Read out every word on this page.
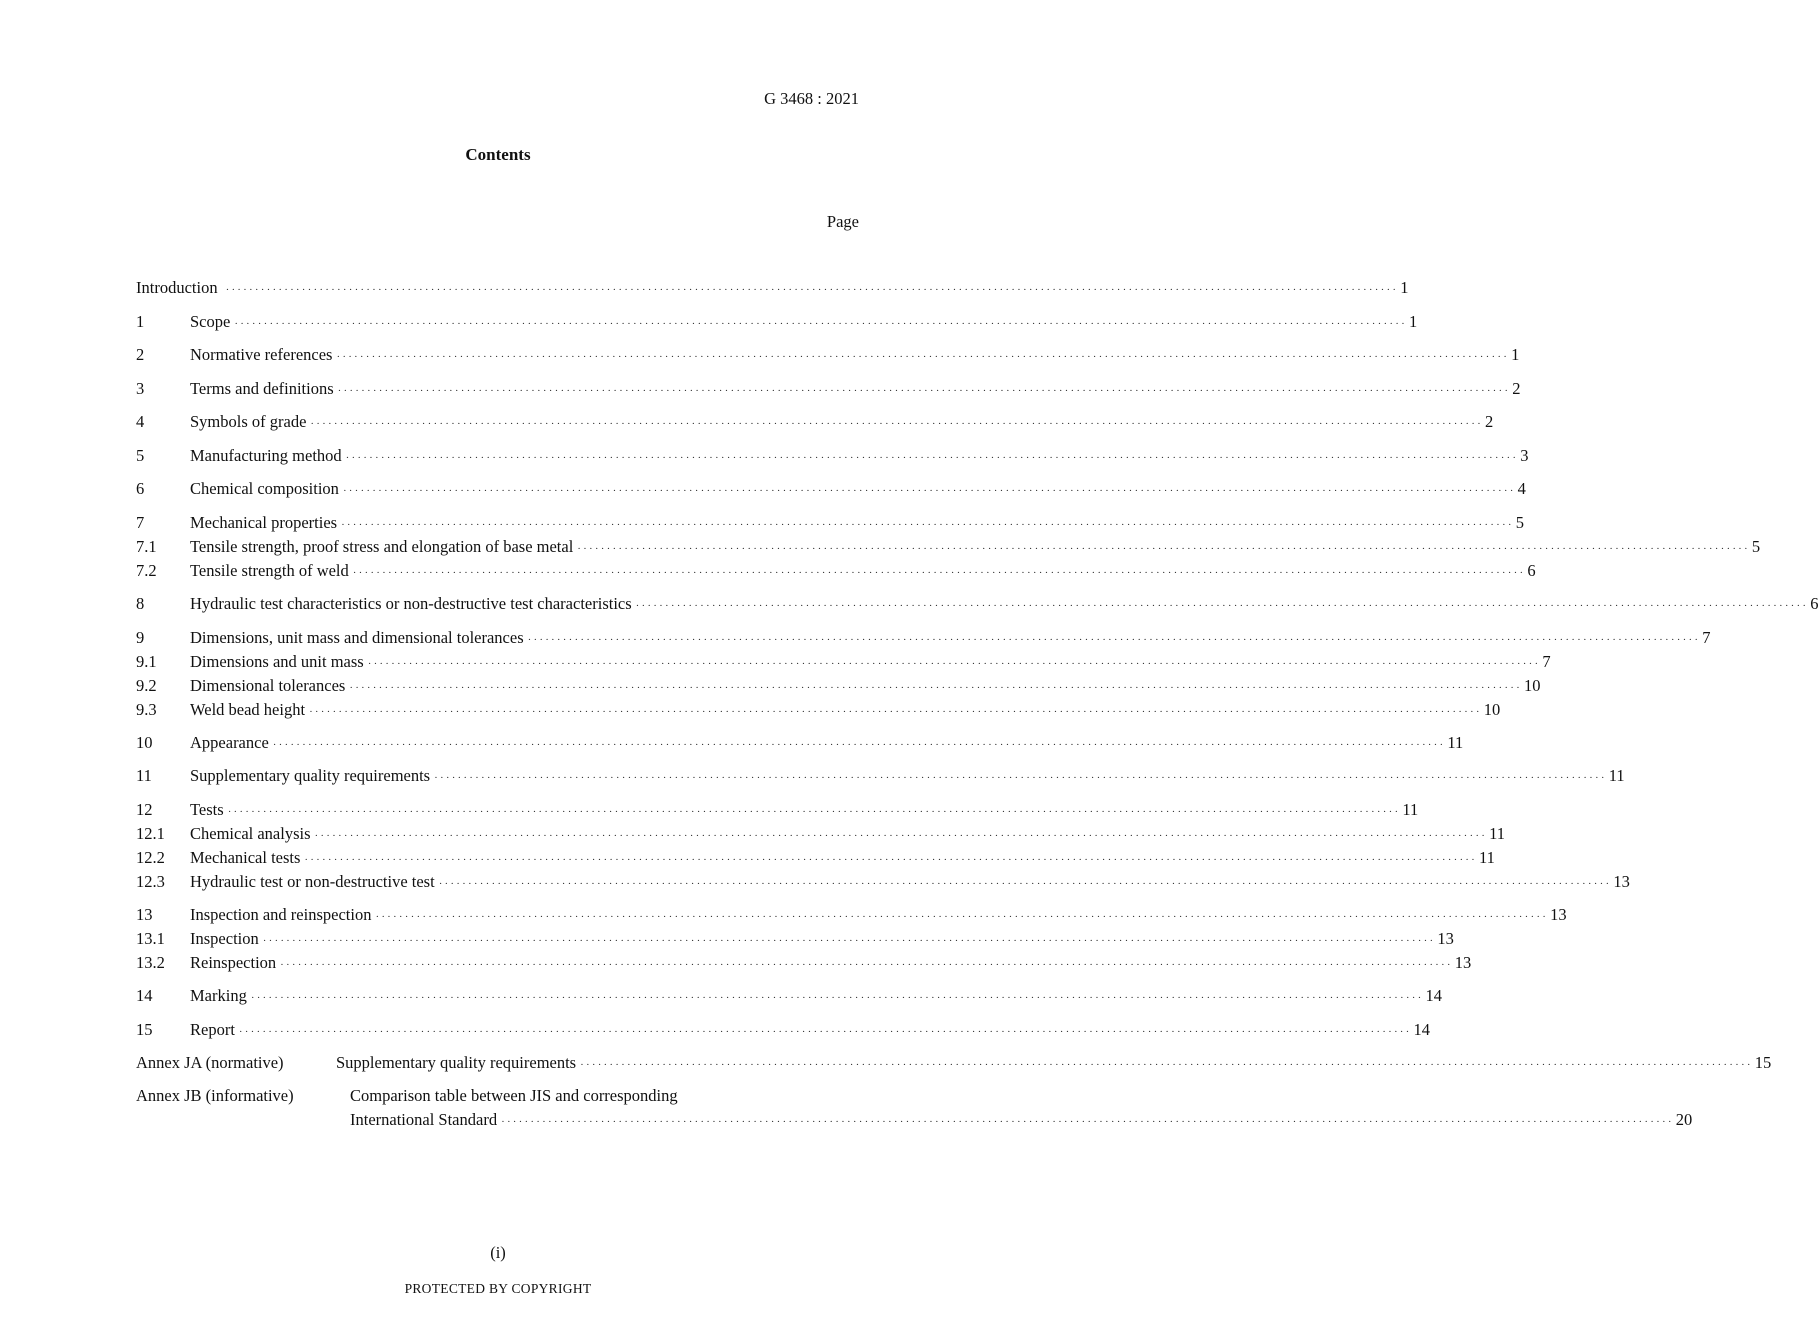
G 3468 : 2021
Contents
Page
Introduction ········································································································································································································ 1
1	Scope ········································································································································································································ 1
2	Normative references ········································································································································································································ 1
3	Terms and definitions ········································································································································································································ 2
4	Symbols of grade ········································································································································································································ 2
5	Manufacturing method ········································································································································································································ 3
6	Chemical composition ········································································································································································································ 4
7	Mechanical properties ········································································································································································································ 5
7.1	Tensile strength, proof stress and elongation of base metal ········································································································································································································ 5
7.2	Tensile strength of weld ········································································································································································································ 6
8	Hydraulic test characteristics or non-destructive test characteristics ········································································································································································································ 6
9	Dimensions, unit mass and dimensional tolerances ········································································································································································································ 7
9.1	Dimensions and unit mass ········································································································································································································ 7
9.2	Dimensional tolerances ········································································································································································································ 10
9.3	Weld bead height ········································································································································································································ 10
10	Appearance ········································································································································································································ 11
11	Supplementary quality requirements ········································································································································································································ 11
12	Tests ········································································································································································································ 11
12.1	Chemical analysis ········································································································································································································ 11
12.2	Mechanical tests ········································································································································································································ 11
12.3	Hydraulic test or non-destructive test ········································································································································································································ 13
13	Inspection and reinspection ········································································································································································································ 13
13.1	Inspection ········································································································································································································ 13
13.2	Reinspection ········································································································································································································ 13
14	Marking ········································································································································································································ 14
15	Report ········································································································································································································ 14
Annex JA (normative)	Supplementary quality requirements ········································································································································································································ 15
Annex JB (informative)	Comparison table between JIS and corresponding
International Standard ········································································································································································································ 20
(i)
PROTECTED BY COPYRIGHT
